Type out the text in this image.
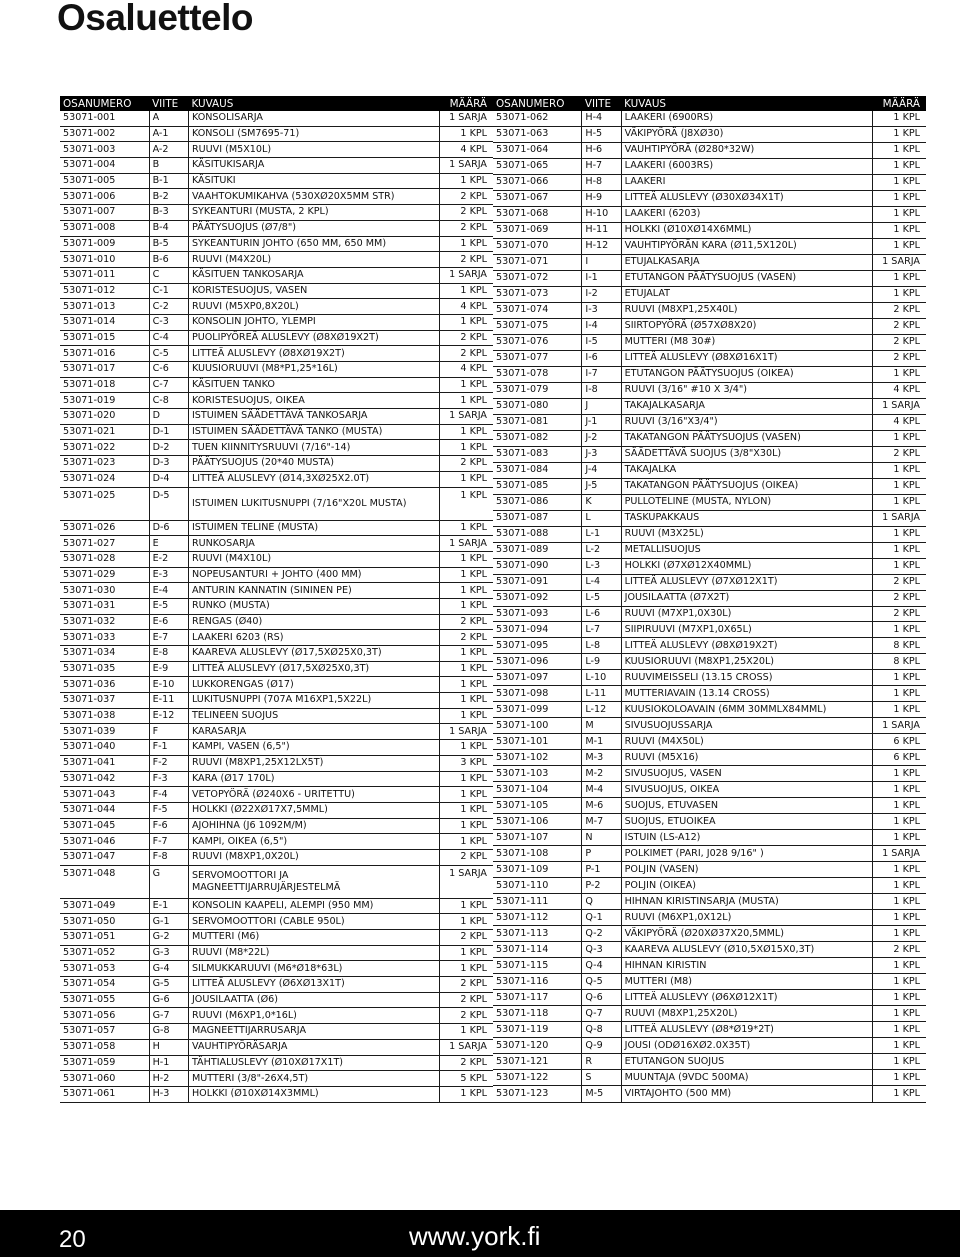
Osaluettelo
OSANUMERO	VIITE	KUVAUS	MÄÄRÄ
53071-001	A	KONSOLISARJA	1 SARJA
53071-002	A-1	KONSOLI (SM7695-71)	1 KPL
53071-003	A-2	RUUVI (M5X10L)	4 KPL
53071-004	B	KÄSITUKISARJA	1 SARJA
53071-005	B-1	KÄSITUKI	1 KPL
53071-006	B-2	VAAHTOKUMIKAHVA (530XØ20X5MM STR)	2 KPL
53071-007	B-3	SYKEANTURI (MUSTA, 2 KPL)	2 KPL
53071-008	B-4	PÄÄTYSUOJUS (Ø7/8")	2 KPL
53071-009	B-5	SYKEANTURIN JOHTO (650 MM, 650 MM)	1 KPL
53071-010	B-6	RUUVI (M4X20L)	2 KPL
53071-011	C	KÄSITUEN TANKOSARJA	1 SARJA
53071-012	C-1	KORISTESUOJUS, VASEN	1 KPL
53071-013	C-2	RUUVI (M5XP0,8X20L)	4 KPL
53071-014	C-3	KONSOLIN JOHTO, YLEMPI	1 KPL
53071-015	C-4	PUOLIPYÖREÄ ALUSLEVY (Ø8XØ19X2T)	2 KPL
53071-016	C-5	LITTEÄ ALUSLEVY (Ø8XØ19X2T)	2 KPL
53071-017	C-6	KUUSIORUUVI (M8*P1,25*16L)	4 KPL
53071-018	C-7	KÄSITUEN TANKO	1 KPL
53071-019	C-8	KORISTESUOJUS, OIKEA	1 KPL
53071-020	D	ISTUIMEN SÄÄDETTÄVÄ TANKOSARJA	1 SARJA
53071-021	D-1	ISTUIMEN SÄÄDETTÄVÄ TANKO (MUSTA)	1 KPL
53071-022	D-2	TUEN KIINNITYSRUUVI (7/16"-14)	1 KPL
53071-023	D-3	PÄÄTYSUOJUS (20*40 MUSTA)	2 KPL
53071-024	D-4	LITTEÄ ALUSLEVY (Ø14,3XØ25X2.0T)	1 KPL
53071-025	D-5	ISTUIMEN LUKITUSNUPPI (7/16"X20L MUSTA)	1 KPL
53071-026	D-6	ISTUIMEN TELINE (MUSTA)	1 KPL
53071-027	E	RUNKOSARJA	1 SARJA
53071-028	E-2	RUUVI (M4X10L)	1 KPL
53071-029	E-3	NOPEUSANTURI + JOHTO (400 MM)	1 KPL
53071-030	E-4	ANTURIN KANNATIN (SININEN PE)	1 KPL
53071-031	E-5	RUNKO (MUSTA)	1 KPL
53071-032	E-6	RENGAS (Ø40)	2 KPL
53071-033	E-7	LAAKERI 6203 (RS)	2 KPL
53071-034	E-8	KAAREVA ALUSLEVY (Ø17,5XØ25X0,3T)	1 KPL
53071-035	E-9	LITTEÄ ALUSLEVY (Ø17,5XØ25X0,3T)	1 KPL
53071-036	E-10	LUKKORENGAS (Ø17)	1 KPL
53071-037	E-11	LUKITUSNUPPI (707A M16XP1,5X22L)	1 KPL
53071-038	E-12	TELINEEN SUOJUS	1 KPL
53071-039	F	KARASARJA	1 SARJA
53071-040	F-1	KAMPI, VASEN (6,5")	1 KPL
53071-041	F-2	RUUVI (M8XP1,25X12LX5T)	3 KPL
53071-042	F-3	KARA (Ø17 170L)	1 KPL
53071-043	F-4	VETOPYÖRÄ (Ø240X6 - URITETTU)	1 KPL
53071-044	F-5	HOLKKI (Ø22XØ17X7,5MML)	1 KPL
53071-045	F-6	AJOHIHNA (J6 1092M/M)	1 KPL
53071-046	F-7	KAMPI, OIKEA (6,5")	1 KPL
53071-047	F-8	RUUVI (M8XP1,0X20L)	2 KPL
53071-048	G	SERVOMOOTTORI JA MAGNEETTIJARRUJÄRJESTELMÄ	1 SARJA
53071-049	E-1	KONSOLIN KAAPELI, ALEMPI (950 MM)	1 KPL
53071-050	G-1	SERVOMOOTTORI (CABLE 950L)	1 KPL
53071-051	G-2	MUTTERI (M6)	2 KPL
53071-052	G-3	RUUVI (M8*22L)	1 KPL
53071-053	G-4	SILMUKKARUUVI (M6*Ø18*63L)	1 KPL
53071-054	G-5	LITTEÄ ALUSLEVY (Ø6XØ13X1T)	2 KPL
53071-055	G-6	JOUSILAATTA (Ø6)	2 KPL
53071-056	G-7	RUUVI (M6XP1,0*16L)	2 KPL
53071-057	G-8	MAGNEETTIJARRUSARJA	1 KPL
53071-058	H	VAUHTIPYÖRÄSARJA	1 SARJA
53071-059	H-1	TÄHTIALUSLEVY (Ø10XØ17X1T)	2 KPL
53071-060	H-2	MUTTERI (3/8"-26X4,5T)	5 KPL
53071-061	H-3	HOLKKI (Ø10XØ14X3MML)	1 KPL
OSANUMERO	VIITE	KUVAUS	MÄÄRÄ
53071-062	H-4	LAAKERI (6900RS)	1 KPL
53071-063	H-5	VÄKIPYÖRÄ (J8XØ30)	1 KPL
53071-064	H-6	VAUHTIPYÖRÄ (Ø280*32W)	1 KPL
53071-065	H-7	LAAKERI (6003RS)	1 KPL
53071-066	H-8	LAAKERI	1 KPL
53071-067	H-9	LITTEÄ ALUSLEVY (Ø30XØ34X1T)	1 KPL
53071-068	H-10	LAAKERI (6203)	1 KPL
53071-069	H-11	HOLKKI (Ø10XØ14X6MML)	1 KPL
53071-070	H-12	VAUHTIPYÖRÄN KARA (Ø11,5X120L)	1 KPL
53071-071	I	ETUJALKASARJA	1 SARJA
53071-072	I-1	ETUTANGON PÄÄTYSUOJUS (VASEN)	1 KPL
53071-073	I-2	ETUJALAT	1 KPL
53071-074	I-3	RUUVI (M8XP1,25X40L)	2 KPL
53071-075	I-4	SIIRTOPYÖRÄ (Ø57XØ8X20)	2 KPL
53071-076	I-5	MUTTERI (M8 30#)	2 KPL
53071-077	I-6	LITTEÄ ALUSLEVY (Ø8XØ16X1T)	2 KPL
53071-078	I-7	ETUTANGON PÄÄTYSUOJUS (OIKEA)	1 KPL
53071-079	I-8	RUUVI (3/16" #10 X 3/4")	4 KPL
53071-080	J	TAKAJALKASARJA	1 SARJA
53071-081	J-1	RUUVI (3/16"X3/4")	4 KPL
53071-082	J-2	TAKATANGON PÄÄTYSUOJUS (VASEN)	1 KPL
53071-083	J-3	SÄÄDETTÄVÄ SUOJUS (3/8"X30L)	2 KPL
53071-084	J-4	TAKAJALKA	1 KPL
53071-085	J-5	TAKATANGON PÄÄTYSUOJUS (OIKEA)	1 KPL
53071-086	K	PULLOTELINE (MUSTA, NYLON)	1 KPL
53071-087	L	TASKUPAKKAUS	1 SARJA
53071-088	L-1	RUUVI (M3X25L)	1 KPL
53071-089	L-2	METALLISUOJUS	1 KPL
53071-090	L-3	HOLKKI (Ø7XØ12X40MML)	1 KPL
53071-091	L-4	LITTEÄ ALUSLEVY (Ø7XØ12X1T)	2 KPL
53071-092	L-5	JOUSILAATTA (Ø7X2T)	2 KPL
53071-093	L-6	RUUVI (M7XP1,0X30L)	2 KPL
53071-094	L-7	SIIPIRUUVI (M7XP1,0X65L)	1 KPL
53071-095	L-8	LITTEÄ ALUSLEVY (Ø8XØ19X2T)	8 KPL
53071-096	L-9	KUUSIORUUVI (M8XP1,25X20L)	8 KPL
53071-097	L-10	RUUVIMEISSELI (13.15 CROSS)	1 KPL
53071-098	L-11	MUTTERIAVAIN (13.14 CROSS)	1 KPL
53071-099	L-12	KUUSIOKOLOAVAIN (6MM 30MMLX84MML)	1 KPL
53071-100	M	SIVUSUOJUSSARJA	1 SARJA
53071-101	M-1	RUUVI (M4X50L)	6 KPL
53071-102	M-3	RUUVI (M5X16)	6 KPL
53071-103	M-2	SIVUSUOJUS, VASEN	1 KPL
53071-104	M-4	SIVUSUOJUS, OIKEA	1 KPL
53071-105	M-6	SUOJUS, ETUVASEN	1 KPL
53071-106	M-7	SUOJUS, ETUOIKEA	1 KPL
53071-107	N	ISTUIN (LS-A12)	1 KPL
53071-108	P	POLKIMET (PARI, J028 9/16" )	1 SARJA
53071-109	P-1	POLJIN (VASEN)	1 KPL
53071-110	P-2	POLJIN (OIKEA)	1 KPL
53071-111	Q	HIHNAN KIRISTINSARJA (MUSTA)	1 KPL
53071-112	Q-1	RUUVI (M6XP1,0X12L)	1 KPL
53071-113	Q-2	VÄKIPYÖRÄ (Ø20XØ37X20,5MML)	1 KPL
53071-114	Q-3	KAAREVA ALUSLEVY (Ø10,5XØ15X0,3T)	2 KPL
53071-115	Q-4	HIHNAN KIRISTIN	1 KPL
53071-116	Q-5	MUTTERI (M8)	1 KPL
53071-117	Q-6	LITTEÄ ALUSLEVY (Ø6XØ12X1T)	1 KPL
53071-118	Q-7	RUUVI (M8XP1,25X20L)	1 KPL
53071-119	Q-8	LITTEÄ ALUSLEVY (Ø8*Ø19*2T)	1 KPL
53071-120	Q-9	JOUSI (ODØ16XØ2.0X35T)	1 KPL
53071-121	R	ETUTANGON SUOJUS	1 KPL
53071-122	S	MUUNTAJA (9VDC 500MA)	1 KPL
53071-123	M-5	VIRTAJOHTO (500 MM)	1 KPL
20	www.york.fi
